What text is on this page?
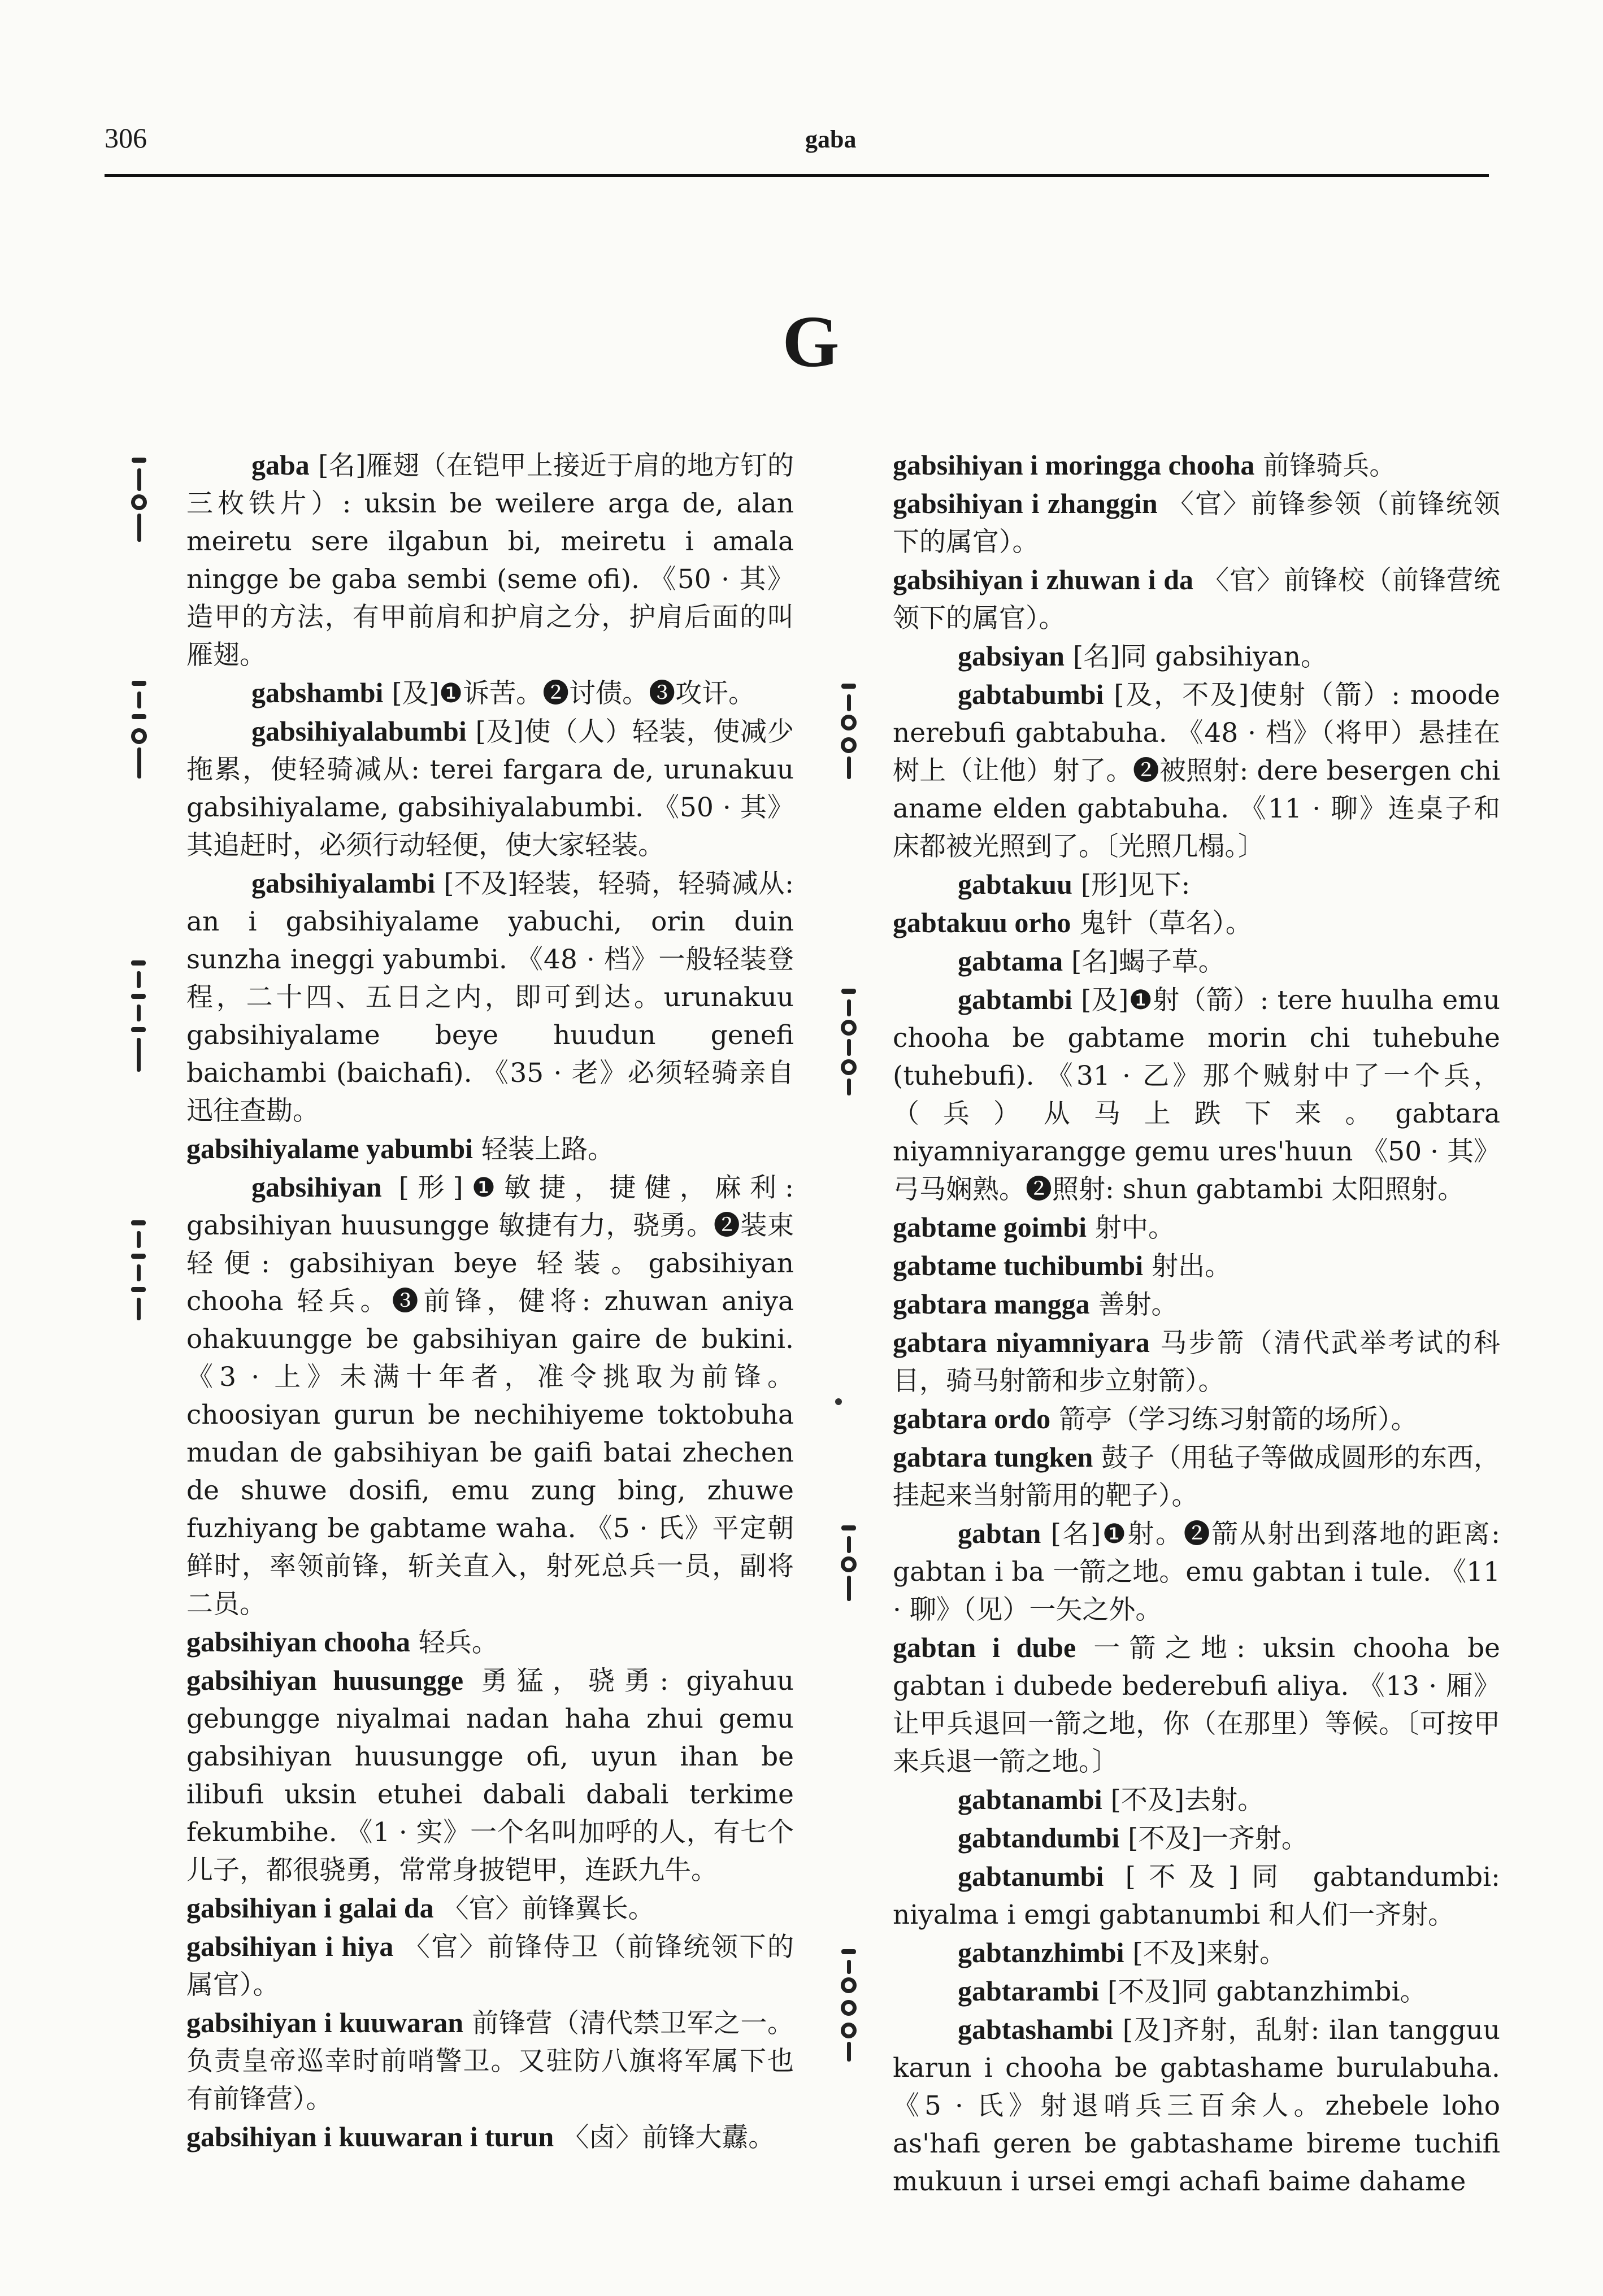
306	gaba
G

gaba [名]雁翅（在铠甲上接近于肩的地方钉的三枚铁片）: uksin be weilere arga de, alan meiretu sere ilgabun bi, meiretu i amala ningge be gaba sembi (seme ofi). 《50 · 其》造甲的方法，有甲前肩和护肩之分，护肩后面的叫雁翅。

gabshambi [及]❶诉苦。❷讨债。❸攻讦。

gabsihiyalabumbi [及]使（人）轻装，使减少拖累，使轻骑减从: terei fargara de, urunakuu gabsihiyalame, gabsihiyalabumbi. 《50 · 其》其追赶时，必须行动轻便，使大家轻装。

gabsihiyalambi [不及]轻装，轻骑，轻骑减从: an i gabsihiyalame yabuchi, orin duin sunzha ineggi yabumbi. 《48 · 档》一般轻装登程，二十四、五日之内，即可到达。urunakuu gabsihiyalame beye huudun genefi baichambi (baichafi). 《35 · 老》必须轻骑亲自迅往查勘。

gabsihiyalame yabumbi 轻装上路。

gabsihiyan [形]❶敏捷，捷健，麻利: gabsihiyan huusungge 敏捷有力，骁勇。❷装束轻便: gabsihiyan beye 轻装。gabsihiyan chooha 轻兵。❸前锋，健将: zhuwan aniya ohakuungge be gabsihiyan gaire de bukini. 《3 · 上》未满十年者，准令挑取为前锋。choosiyan gurun be nechihiyeme toktobuha mudan de gabsihiyan be gaifi batai zhechen de shuwe dosifi, emu zung bing, zhuwe fuzhiyang be gabtame waha. 《5 · 氏》平定朝鲜时，率领前锋，斩关直入，射死总兵一员，副将二员。

gabsihiyan chooha 轻兵。

gabsihiyan huusungge 勇猛，骁勇: giyahuu gebungge niyalmai nadan haha zhui gemu gabsihiyan huusungge ofi, uyun ihan be ilibufi uksin etuhei dabali dabali terkime fekumbihe. 《1 · 实》一个名叫加呼的人，有七个儿子，都很骁勇，常常身披铠甲，连跃九牛。

gabsihiyan i galai da 〈官〉前锋翼长。

gabsihiyan i hiya 〈官〉前锋侍卫（前锋统领下的属官）。

gabsihiyan i kuuwaran 前锋营（清代禁卫军之一。负责皇帝巡幸时前哨警卫。又驻防八旗将军属下也有前锋营）。

gabsihiyan i kuuwaran i turun 〈卤〉前锋大纛。

gabsihiyan i moringga chooha 前锋骑兵。

gabsihiyan i zhanggin 〈官〉前锋参领（前锋统领下的属官）。

gabsihiyan i zhuwan i da 〈官〉前锋校（前锋营统领下的属官）。

gabsiyan [名]同 gabsihiyan。

gabtabumbi [及，不及]使射（箭）: moode nerebufi gabtabuha. 《48 · 档》（将甲）悬挂在树上（让他）射了。❷被照射: dere besergen chi aname elden gabtabuha. 《11 · 聊》连桌子和床都被光照到了。〔光照几榻。〕

gabtakuu [形]见下:

gabtakuu orho 鬼针（草名）。

gabtama [名]蝎子草。

gabtambi [及]❶射（箭）: tere huulha emu chooha be gabtame morin chi tuhebuhe (tuhebufi). 《31 · 乙》那个贼射中了一个兵，（兵）从马上跌下来。gabtara niyamniyarangge gemu ures'huun 《50 · 其》弓马娴熟。❷照射: shun gabtambi 太阳照射。

gabtame goimbi 射中。

gabtame tuchibumbi 射出。

gabtara mangga 善射。

gabtara niyamniyara 马步箭（清代武举考试的科目，骑马射箭和步立射箭）。

gabtara ordo 箭亭（学习练习射箭的场所）。

gabtara tungken 鼓子（用毡子等做成圆形的东西，挂起来当射箭用的靶子）。

gabtan [名]❶射。❷箭从射出到落地的距离: gabtan i ba 一箭之地。emu gabtan i tule. 《11 · 聊》（见）一矢之外。

gabtan i dube 一箭之地: uksin chooha be gabtan i dubede bederebufi aliya. 《13 · 厢》让甲兵退回一箭之地，你（在那里）等候。〔可按甲来兵退一箭之地。〕

gabtanambi [不及]去射。

gabtandumbi [不及]一齐射。

gabtanumbi [不及]同 gabtandumbi: niyalma i emgi gabtanumbi 和人们一齐射。

gabtanzhimbi [不及]来射。

gabtarambi [不及]同 gabtanzhimbi。

gabtashambi [及]齐射，乱射: ilan tangguu karun i chooha be gabtashame burulabuha. 《5 · 氏》射退哨兵三百余人。zhebele loho as'hafi geren be gabtashame bireme tuchifi mukuun i ursei emgi achafi baime dahame
